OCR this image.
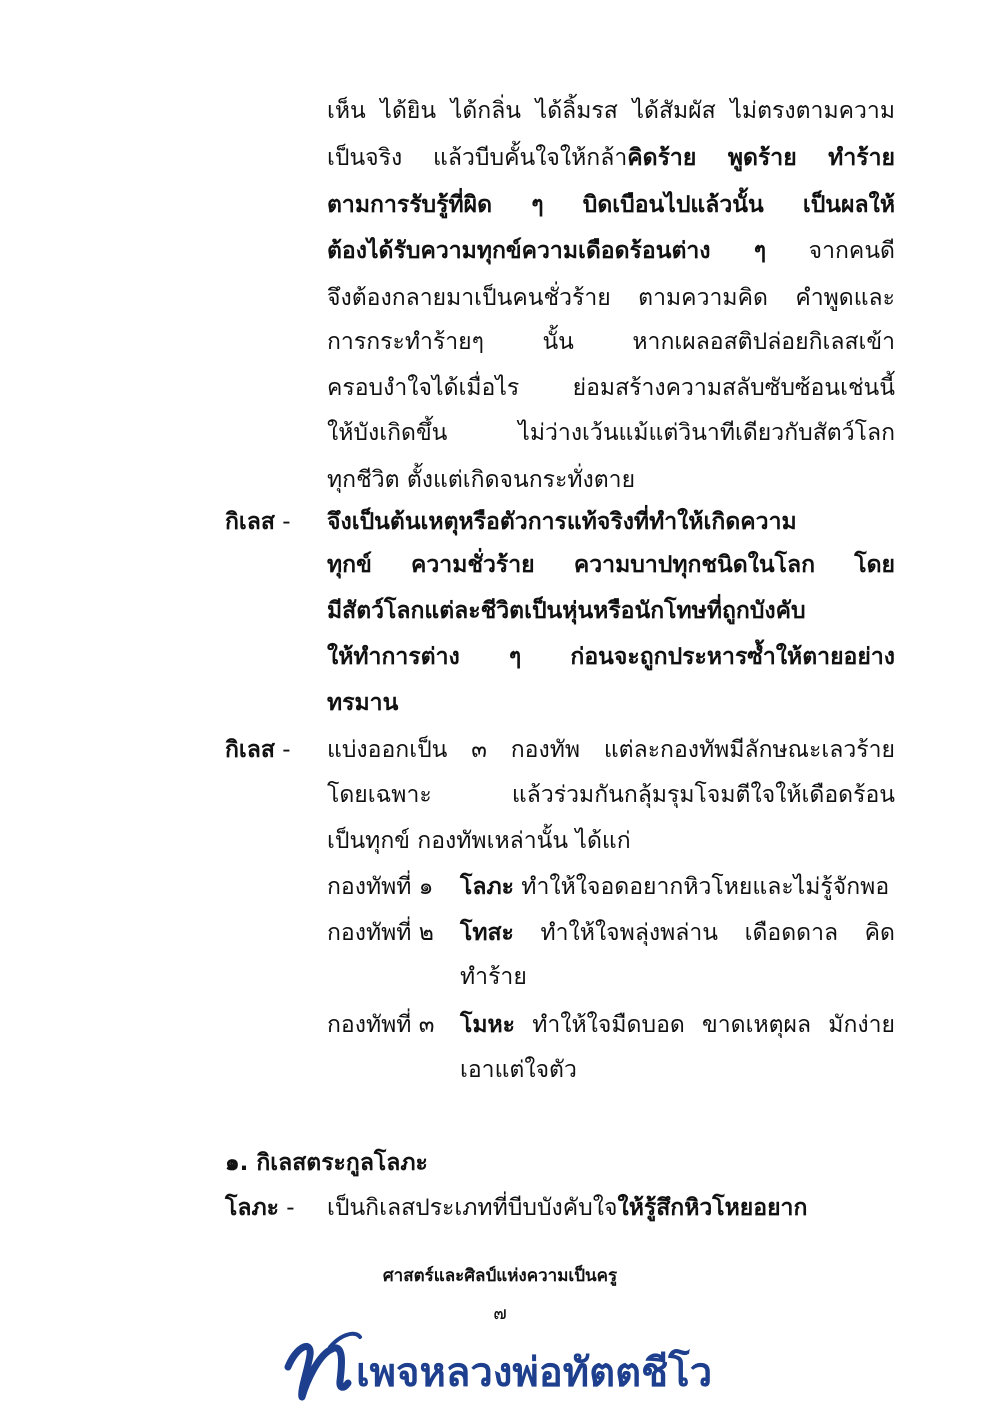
เห็น ได้ยิน ได้กลิ่น ได้ลิ้มรส ได้สัมผัส ไม่ตรงตามความ
เป็นจริง แล้วบีบคั้นใจให้กล้าคิดร้าย พูดร้าย ทำร้าย
ตามการรับรู้ที่ผิด ๆ บิดเบือนไปแล้วนั้น เป็นผลให้
ต้องได้รับความทุกข์ความเดือดร้อนต่าง ๆ จากคนดี
จึงต้องกลายมาเป็นคนชั่วร้าย ตามความคิด คำพูดและ
การกระทำร้ายๆ นั้น หากเผลอสติปล่อยกิเลสเข้า
ครอบงำใจได้เมื่อไร ย่อมสร้างความสลับซับซ้อนเช่นนี้
ให้บังเกิดขึ้น ไม่ว่างเว้นแม้แต่วินาทีเดียวกับสัตว์โลก
ทุกชีวิต ตั้งแต่เกิดจนกระทั่งตาย
กิเลส - จึงเป็นต้นเหตุหรือตัวการแท้จริงที่ทำให้เกิดความ
ทุกข์ ความชั่วร้าย ความบาปทุกชนิดในโลก โดย
มีสัตว์โลกแต่ละชีวิตเป็นหุ่นหรือนักโทษที่ถูกบังคับ
ให้ทำการต่าง ๆ ก่อนจะถูกประหารซ้ำให้ตายอย่าง
ทรมาน
กิเลส - แบ่งออกเป็น ๓ กองทัพ แต่ละกองทัพมีลักษณะเลวร้าย
โดยเฉพาะ แล้วร่วมกันกลุ้มรุมโจมตีใจให้เดือดร้อน
เป็นทุกข์ กองทัพเหล่านั้น ได้แก่
กองทัพที่ ๑ โลภะ ทำให้ใจอดอยากหิวโหยและไม่รู้จักพอ
กองทัพที่ ๒ โทสะ ทำให้ใจพลุ่งพล่าน เดือดดาล คิด
ทำร้าย
กองทัพที่ ๓ โมหะ ทำให้ใจมืดบอด ขาดเหตุผล มักง่าย
เอาแต่ใจตัว
๑. กิเลสตระกูลโลภะ
โลภะ - เป็นกิเลสประเภทที่บีบบังคับใจให้รู้สึกหิวโหยอยาก
ศาสตร์และศิลป์แห่งความเป็นครู
๗
เพจหลวงพ่อทัตตชีโว
